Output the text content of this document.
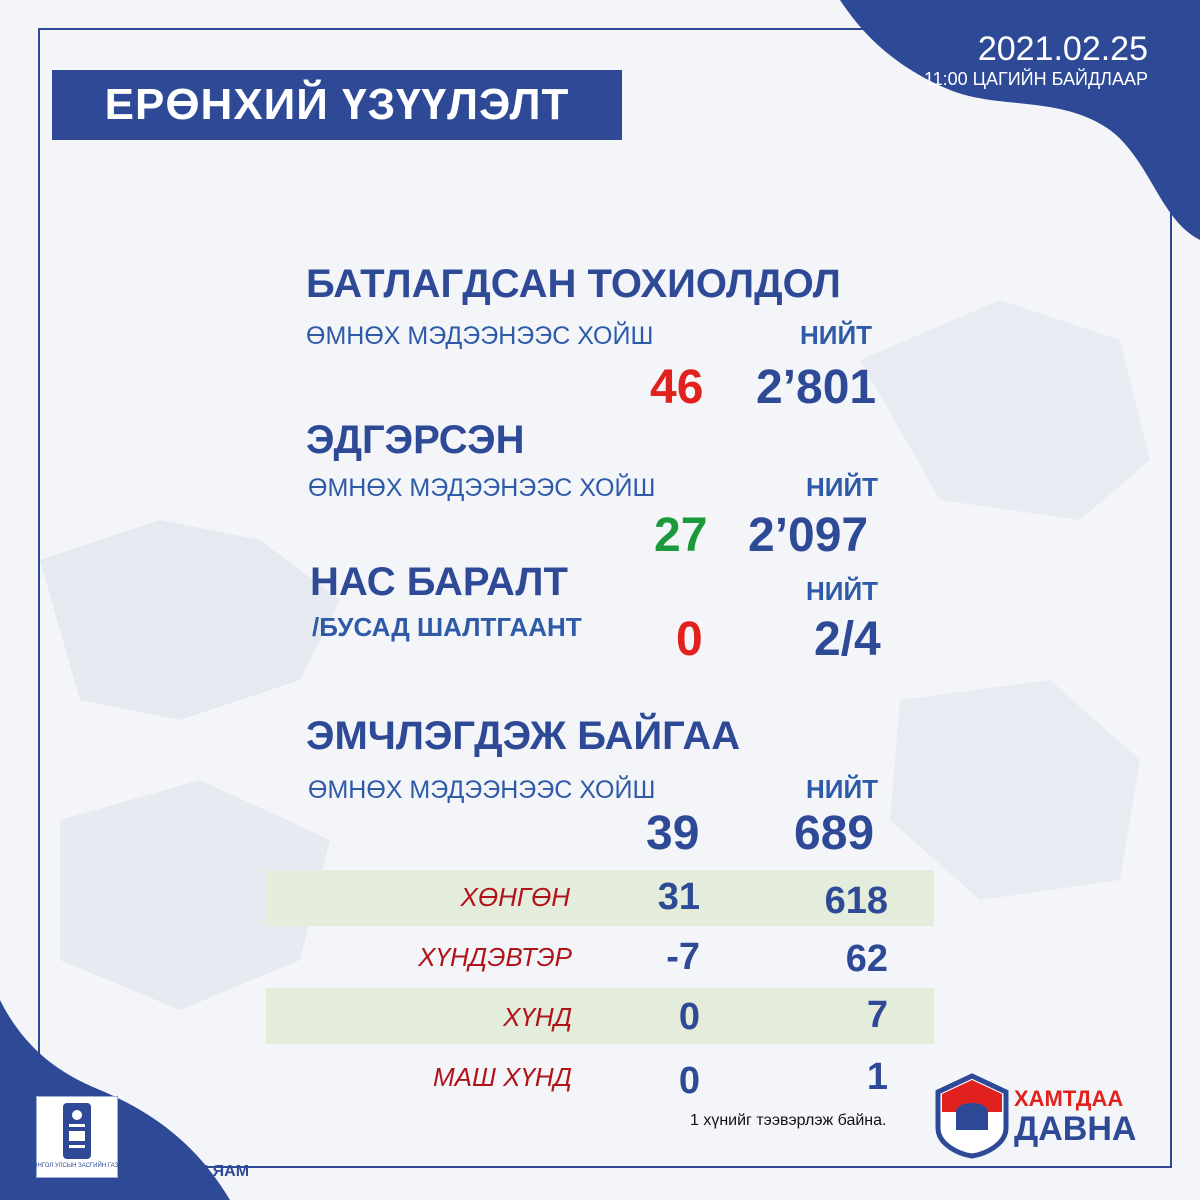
ЕРӨНХИЙ ҮЗҮҮЛЭЛТ
2021.02.25
11:00 ЦАГИЙН БАЙДЛААР
БАТЛАГДСАН ТОХИОЛДОЛ
ӨМНӨХ МЭДЭЭНЭЭС ХОЙШ	НИЙТ
46 2’801
ЭДГЭРСЭН
ӨМНӨХ МЭДЭЭНЭЭС ХОЙШ	НИЙТ
27 2’097
НАС БАРАЛТ	НИЙТ
/БУСАД ШАЛТГААНТ 0 2/4
ЭМЧЛЭГДЭЖ БАЙГАА
ӨМНӨХ МЭДЭЭНЭЭС ХОЙШ	НИЙТ
39 689
ХӨНГӨН	31	618
ХҮНДЭВТЭР	-7	62
ХҮНД	0	7
МАШ ХҮНД	0	1
1 хүнийг тээвэрлэж байна.
МОНГОЛ УЛСЫН ЗАСГИЙН ГАЗАР
ЭРҮҮЛ
МЭНДИЙН ЯАМ
ХАМТДАА
ДАВНА
